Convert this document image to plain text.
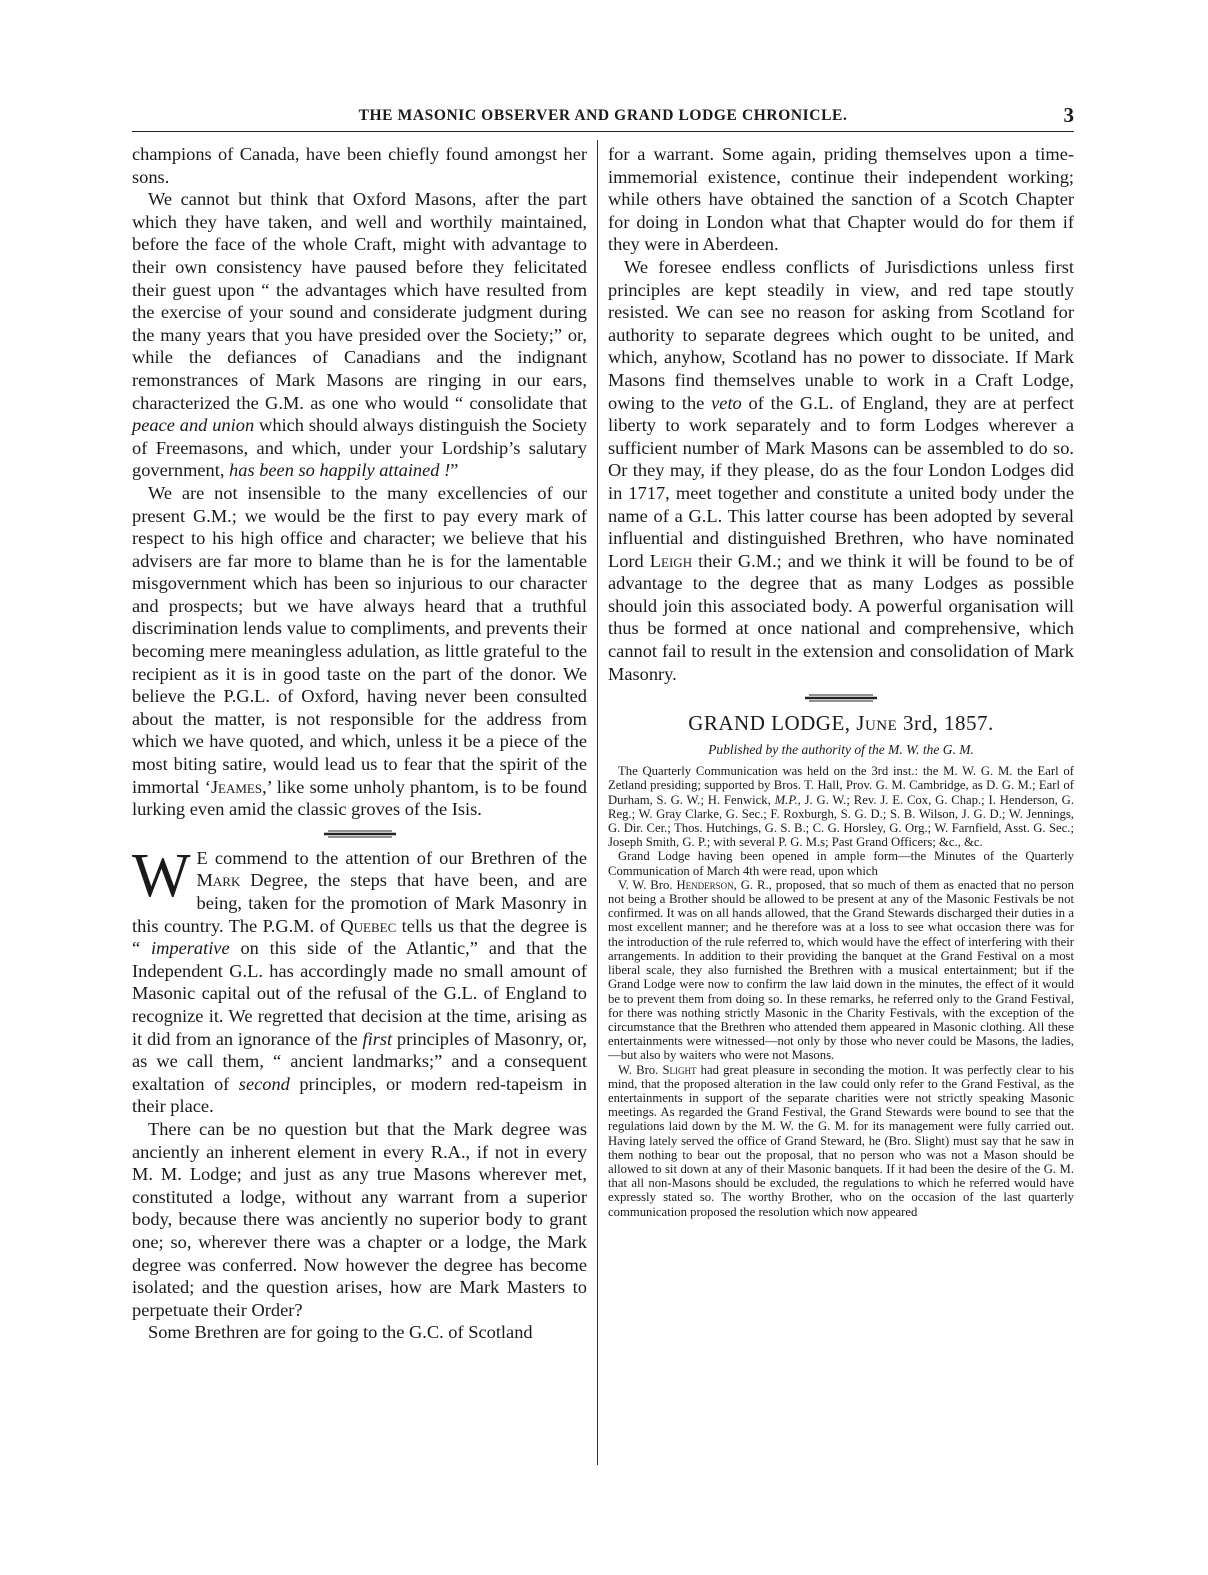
THE MASONIC OBSERVER AND GRAND LODGE CHRONICLE.	3

champions of Canada, have been chiefly found amongst her sons.

We cannot but think that Oxford Masons, after the part which they have taken, and well and worthily maintained, before the face of the whole Craft, might with advantage to their own consistency have paused before they felicitated their guest upon “ the advantages which have resulted from the exercise of your sound and considerate judgment during the many years that you have presided over the Society;” or, while the defiances of Canadians and the indignant remonstrances of Mark Masons are ringing in our ears, characterized the G.M. as one who would “ consolidate that peace and union which should always distinguish the Society of Freemasons, and which, under your Lordship’s salutary government, has been so happily attained !”

We are not insensible to the many excellencies of our present G.M.; we would be the first to pay every mark of respect to his high office and character; we believe that his advisers are far more to blame than he is for the lamentable misgovernment which has been so injurious to our character and prospects; but we have always heard that a truthful discrimination lends value to compliments, and prevents their becoming mere meaningless adulation, as little grateful to the recipient as it is in good taste on the part of the donor. We believe the P.G.L. of Oxford, having never been consulted about the matter, is not responsible for the address from which we have quoted, and which, unless it be a piece of the most biting satire, would lead us to fear that the spirit of the immortal ‘Jeames,’ like some unholy phantom, is to be found lurking even amid the classic groves of the Isis.

W E commend to the attention of our Brethren of the Mark Degree, the steps that have been, and are being, taken for the promotion of Mark Masonry in this country. The P.G.M. of Quebec tells us that the degree is “ imperative on this side of the Atlantic,” and that the Independent G.L. has accordingly made no small amount of Masonic capital out of the refusal of the G.L. of England to recognize it. We regretted that decision at the time, arising as it did from an ignorance of the first principles of Masonry, or, as we call them, “ ancient landmarks;” and a consequent exaltation of second principles, or modern red-tapeism in their place.

There can be no question but that the Mark degree was anciently an inherent element in every R.A., if not in every M. M. Lodge; and just as any true Masons wherever met, constituted a lodge, without any warrant from a superior body, because there was anciently no superior body to grant one; so, wherever there was a chapter or a lodge, the Mark degree was conferred. Now however the degree has become isolated; and the question arises, how are Mark Masters to perpetuate their Order?

Some Brethren are for going to the G.C. of Scotland

for a warrant. Some again, priding themselves upon a time-immemorial existence, continue their independent working; while others have obtained the sanction of a Scotch Chapter for doing in London what that Chapter would do for them if they were in Aberdeen.

We foresee endless conflicts of Jurisdictions unless first principles are kept steadily in view, and red tape stoutly resisted. We can see no reason for asking from Scotland for authority to separate degrees which ought to be united, and which, anyhow, Scotland has no power to dissociate. If Mark Masons find themselves unable to work in a Craft Lodge, owing to the veto of the G.L. of England, they are at perfect liberty to work separately and to form Lodges wherever a sufficient number of Mark Masons can be assembled to do so. Or they may, if they please, do as the four London Lodges did in 1717, meet together and constitute a united body under the name of a G.L. This latter course has been adopted by several influential and distinguished Brethren, who have nominated Lord Leigh their G.M.; and we think it will be found to be of advantage to the degree that as many Lodges as possible should join this associated body. A powerful organisation will thus be formed at once national and comprehensive, which cannot fail to result in the extension and consolidation of Mark Masonry.

GRAND LODGE, June 3rd, 1857.
Published by the authority of the M. W. the G. M.

The Quarterly Communication was held on the 3rd inst.: the M. W. G. M. the Earl of Zetland presiding; supported by Bros. T. Hall, Prov. G. M. Cambridge, as D. G. M.; Earl of Durham, S. G. W.; H. Fenwick, M.P., J. G. W.; Rev. J. E. Cox, G. Chap.; I. Henderson, G. Reg.; W. Gray Clarke, G. Sec.; F. Roxburgh, S. G. D.; S. B. Wilson, J. G. D.; W. Jennings, G. Dir. Cer.; Thos. Hutchings, G. S. B.; C. G. Horsley, G. Org.; W. Farnfield, Asst. G. Sec.; Joseph Smith, G. P.; with several P. G. M.s; Past Grand Officers; &c., &c.

Grand Lodge having been opened in ample form—the Minutes of the Quarterly Communication of March 4th were read, upon which

V. W. Bro. Henderson, G. R., proposed, that so much of them as enacted that no person not being a Brother should be allowed to be present at any of the Masonic Festivals be not confirmed. It was on all hands allowed, that the Grand Stewards discharged their duties in a most excellent manner; and he therefore was at a loss to see what occasion there was for the introduction of the rule referred to, which would have the effect of interfering with their arrangements. In addition to their providing the banquet at the Grand Festival on a most liberal scale, they also furnished the Brethren with a musical entertainment; but if the Grand Lodge were now to confirm the law laid down in the minutes, the effect of it would be to prevent them from doing so. In these remarks, he referred only to the Grand Festival, for there was nothing strictly Masonic in the Charity Festivals, with the exception of the circumstance that the Brethren who attended them appeared in Masonic clothing. All these entertainments were witnessed—not only by those who never could be Masons, the ladies,—but also by waiters who were not Masons.

W. Bro. Slight had great pleasure in seconding the motion. It was perfectly clear to his mind, that the proposed alteration in the law could only refer to the Grand Festival, as the entertainments in support of the separate charities were not strictly speaking Masonic meetings. As regarded the Grand Festival, the Grand Stewards were bound to see that the regulations laid down by the M. W. the G. M. for its management were fully carried out. Having lately served the office of Grand Steward, he (Bro. Slight) must say that he saw in them nothing to bear out the proposal, that no person who was not a Mason should be allowed to sit down at any of their Masonic banquets. If it had been the desire of the G. M. that all non-Masons should be excluded, the regulations to which he referred would have expressly stated so. The worthy Brother, who on the occasion of the last quarterly communication proposed the resolution which now appeared
